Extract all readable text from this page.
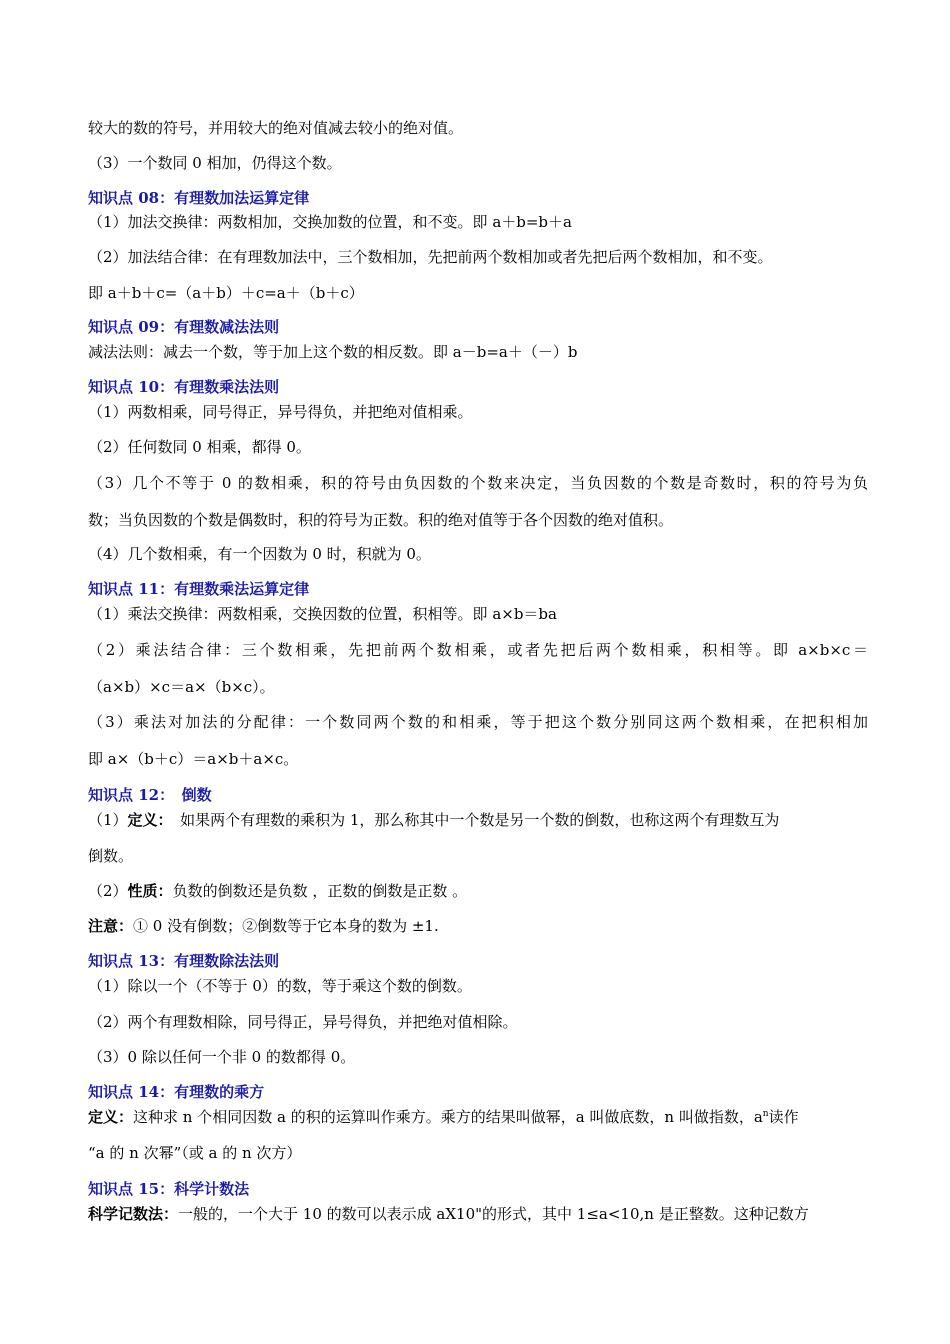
较大的数的符号，并用较大的绝对值减去较小的绝对值。
（3）一个数同 0 相加，仍得这个数。
知识点 08：有理数加法运算定律
（1）加法交换律：两数相加，交换加数的位置，和不变。即 a＋b=b＋a
（2）加法结合律：在有理数加法中，三个数相加，先把前两个数相加或者先把后两个数相加，和不变。
即 a＋b＋c=（a＋b）＋c=a＋（b＋c）
知识点 09：有理数减法法则
减法法则：减去一个数，等于加上这个数的相反数。即 a－b=a＋（－）b
知识点 10：有理数乘法法则
（1）两数相乘，同号得正，异号得负，并把绝对值相乘。
（2）任何数同 0 相乘，都得 0。
（3）几个不等于 0 的数相乘，积的符号由负因数的个数来决定，当负因数的个数是奇数时，积的符号为负
数；当负因数的个数是偶数时，积的符号为正数。积的绝对值等于各个因数的绝对值积。
（4）几个数相乘，有一个因数为 0 时，积就为 0。
知识点 11：有理数乘法运算定律
（1）乘法交换律：两数相乘，交换因数的位置，积相等。即 a×b＝ba
（2）乘法结合律：三个数相乘，先把前两个数相乘，或者先把后两个数相乘，积相等。即 a×b×c＝
（a×b）×c＝a×（b×c）。
（3）乘法对加法的分配律：一个数同两个数的和相乘，等于把这个数分别同这两个数相乘，在把积相加
即 a×（b＋c）＝a×b＋a×c。
知识点 12：　倒数
（1）定义：　如果两个有理数的乘积为 1，那么称其中一个数是另一个数的倒数，也称这两个有理数互为
倒数。
（2）性质：负数的倒数还是负数 ，正数的倒数是正数 。
注意：① 0 没有倒数；②倒数等于它本身的数为 ±1.
知识点 13：有理数除法法则
（1）除以一个（不等于 0）的数，等于乘这个数的倒数。
（2）两个有理数相除，同号得正，异号得负，并把绝对值相除。
（3）0 除以任何一个非 0 的数都得 0。
知识点 14：有理数的乘方
定义：这种求 n 个相同因数 a 的积的运算叫作乘方。乘方的结果叫做幂，a 叫做底数，n 叫做指数，$a^n$读作
“a 的 n 次幂”（或 a 的 n 次方）
知识点 15：科学计数法
科学记数法：一般的，一个大于 10 的数可以表示成 aX10"的形式，其中 1≤a<10,n 是正整数。这种记数方
